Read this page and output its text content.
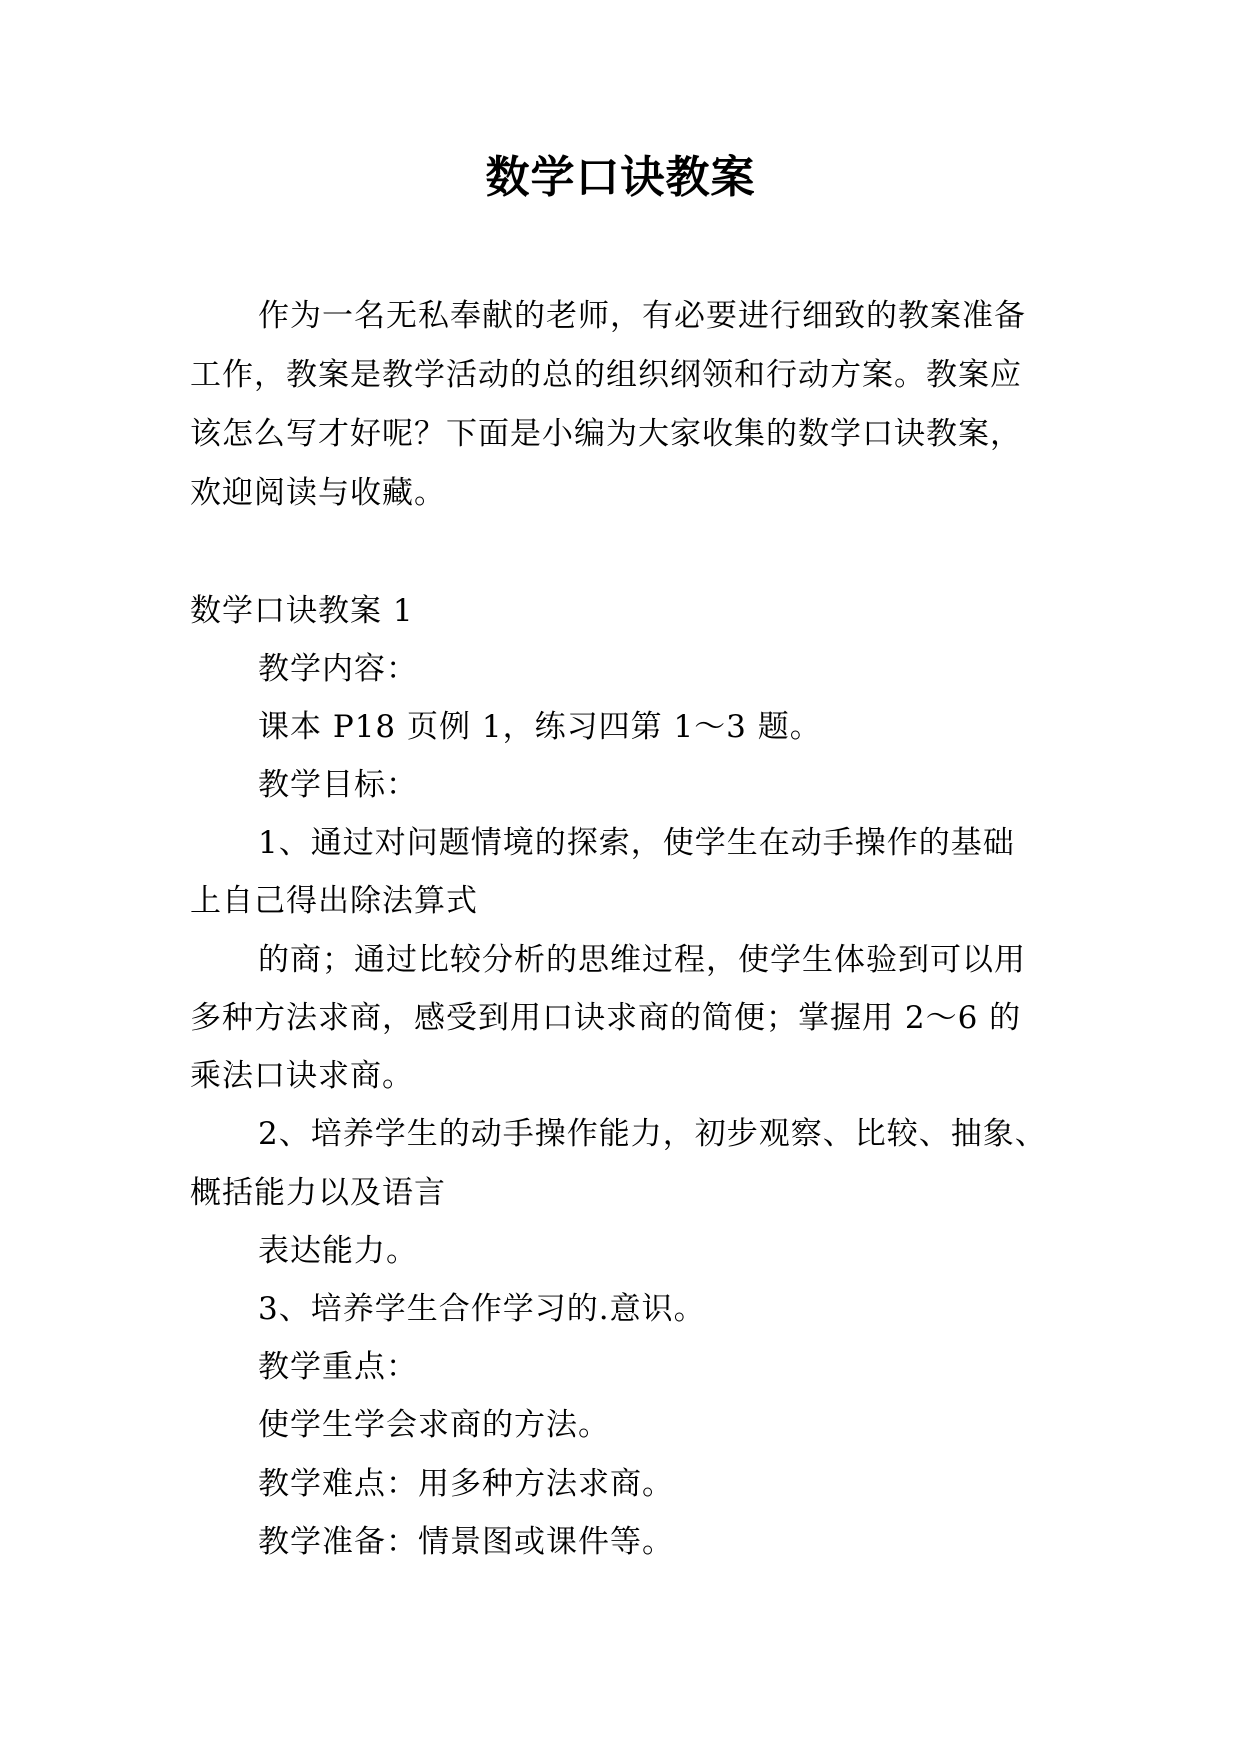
数学口诀教案

作为一名无私奉献的老师，有必要进行细致的教案准备

工作，教案是教学活动的总的组织纲领和行动方案。教案应

该怎么写才好呢？下面是小编为大家收集的数学口诀教案，

欢迎阅读与收藏。

数学口诀教案 1

教学内容：

课本 P18 页例 1，练习四第 1～3 题。

教学目标：

1、通过对问题情境的探索，使学生在动手操作的基础

上自己得出除法算式

的商；通过比较分析的思维过程，使学生体验到可以用

多种方法求商，感受到用口诀求商的简便；掌握用 2～6 的

乘法口诀求商。

2、培养学生的动手操作能力，初步观察、比较、抽象、

概括能力以及语言

表达能力。

3、培养学生合作学习的.意识。

教学重点：

使学生学会求商的方法。

教学难点：用多种方法求商。

教学准备：情景图或课件等。
